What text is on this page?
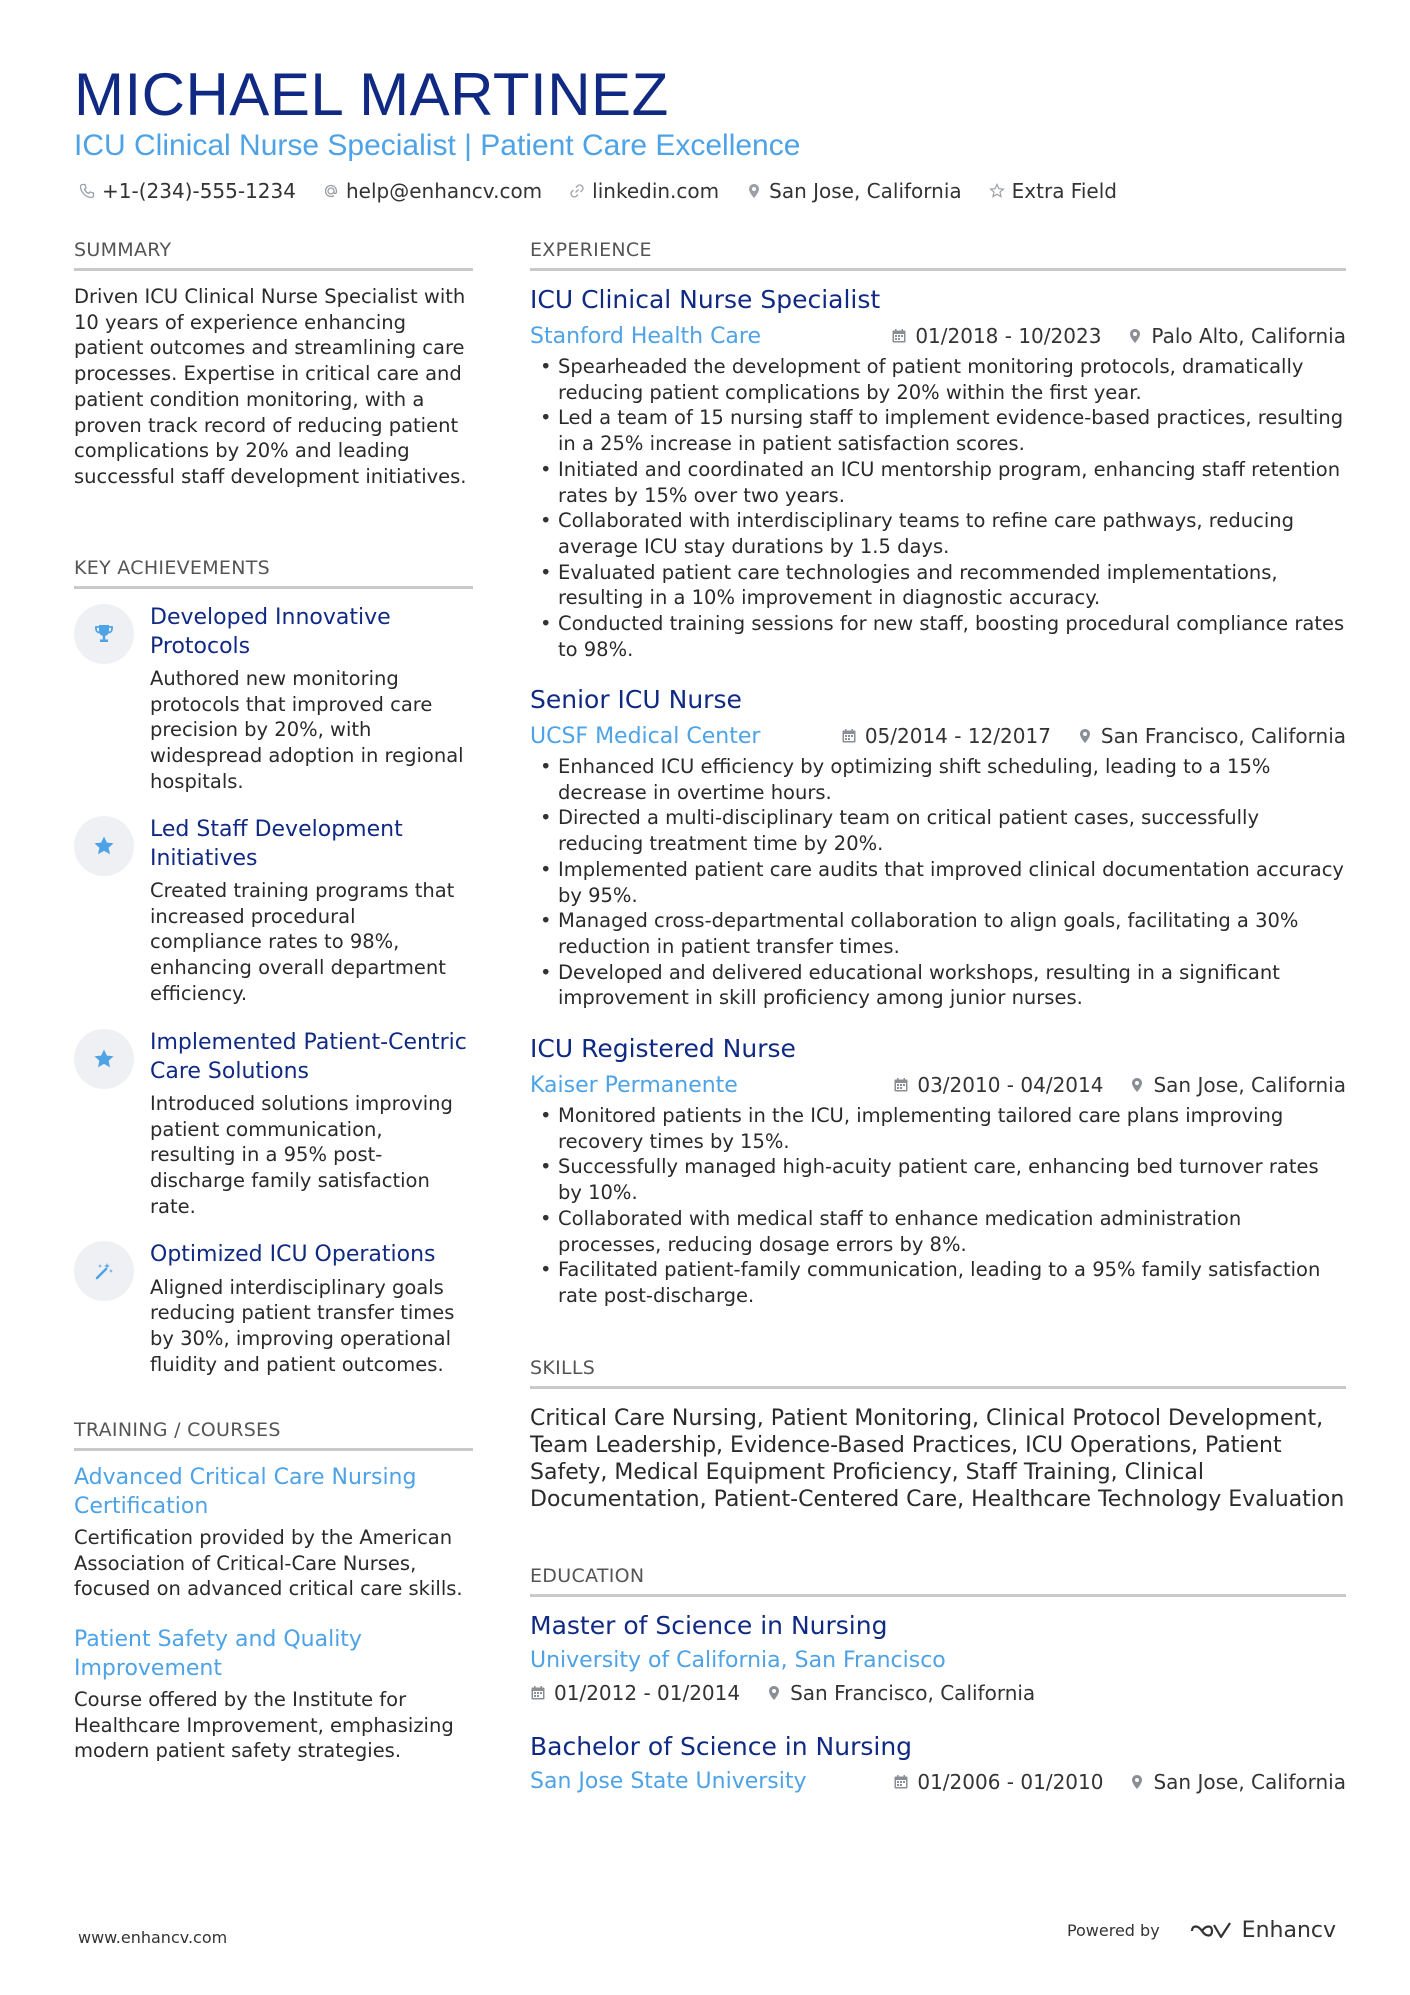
MICHAEL MARTINEZ
ICU Clinical Nurse Specialist | Patient Care Excellence
+1-(234)-555-1234	help@enhancv.com	linkedin.com	San Jose, California	Extra Field
SUMMARY
Driven ICU Clinical Nurse Specialist with 10 years of experience enhancing patient outcomes and streamlining care processes. Expertise in critical care and patient condition monitoring, with a proven track record of reducing patient complications by 20% and leading successful staff development initiatives.
KEY ACHIEVEMENTS
Developed Innovative Protocols
Authored new monitoring protocols that improved care precision by 20%, with widespread adoption in regional hospitals.
Led Staff Development Initiatives
Created training programs that increased procedural compliance rates to 98%, enhancing overall department efficiency.
Implemented Patient-Centric Care Solutions
Introduced solutions improving patient communication, resulting in a 95% post-discharge family satisfaction rate.
Optimized ICU Operations
Aligned interdisciplinary goals reducing patient transfer times by 30%, improving operational fluidity and patient outcomes.
TRAINING / COURSES
Advanced Critical Care Nursing Certification
Certification provided by the American Association of Critical-Care Nurses, focused on advanced critical care skills.
Patient Safety and Quality Improvement
Course offered by the Institute for Healthcare Improvement, emphasizing modern patient safety strategies.
EXPERIENCE
ICU Clinical Nurse Specialist
Stanford Health Care	01/2018 - 10/2023	Palo Alto, California
• Spearheaded the development of patient monitoring protocols, dramatically reducing patient complications by 20% within the first year.
• Led a team of 15 nursing staff to implement evidence-based practices, resulting in a 25% increase in patient satisfaction scores.
• Initiated and coordinated an ICU mentorship program, enhancing staff retention rates by 15% over two years.
• Collaborated with interdisciplinary teams to refine care pathways, reducing average ICU stay durations by 1.5 days.
• Evaluated patient care technologies and recommended implementations, resulting in a 10% improvement in diagnostic accuracy.
• Conducted training sessions for new staff, boosting procedural compliance rates to 98%.
Senior ICU Nurse
UCSF Medical Center	05/2014 - 12/2017	San Francisco, California
• Enhanced ICU efficiency by optimizing shift scheduling, leading to a 15% decrease in overtime hours.
• Directed a multi-disciplinary team on critical patient cases, successfully reducing treatment time by 20%.
• Implemented patient care audits that improved clinical documentation accuracy by 95%.
• Managed cross-departmental collaboration to align goals, facilitating a 30% reduction in patient transfer times.
• Developed and delivered educational workshops, resulting in a significant improvement in skill proficiency among junior nurses.
ICU Registered Nurse
Kaiser Permanente	03/2010 - 04/2014	San Jose, California
• Monitored patients in the ICU, implementing tailored care plans improving recovery times by 15%.
• Successfully managed high-acuity patient care, enhancing bed turnover rates by 10%.
• Collaborated with medical staff to enhance medication administration processes, reducing dosage errors by 8%.
• Facilitated patient-family communication, leading to a 95% family satisfaction rate post-discharge.
SKILLS
Critical Care Nursing, Patient Monitoring, Clinical Protocol Development, Team Leadership, Evidence-Based Practices, ICU Operations, Patient Safety, Medical Equipment Proficiency, Staff Training, Clinical Documentation, Patient-Centered Care, Healthcare Technology Evaluation
EDUCATION
Master of Science in Nursing
University of California, San Francisco
01/2012 - 01/2014	San Francisco, California
Bachelor of Science in Nursing
San Jose State University	01/2006 - 01/2010	San Jose, California
www.enhancv.com	Powered by	Enhancv
